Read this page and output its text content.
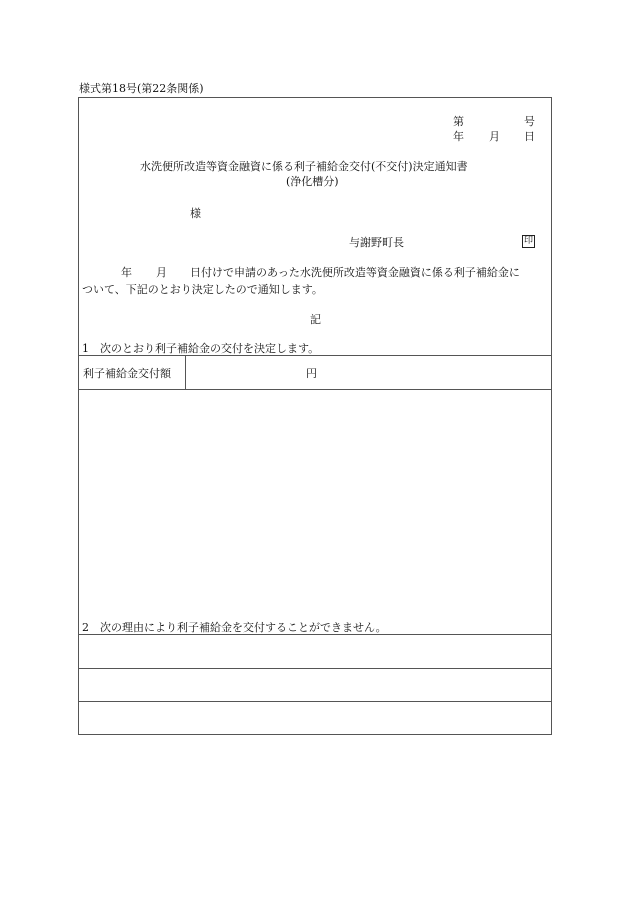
様式第18号(第22条関係)
第	号
年 月 日
水洗便所改造等資金融資に係る利子補給金交付(不交付)決定通知書
(浄化槽分)
様
与謝野町長	印
年 月 日付けで申請のあった水洗便所改造等資金融資に係る利子補給金に
ついて、下記のとおり決定したので通知します。
記
1　次のとおり利子補給金の交付を決定します。
利子補給金交付額	円
2　次の理由により利子補給金を交付することができません。
